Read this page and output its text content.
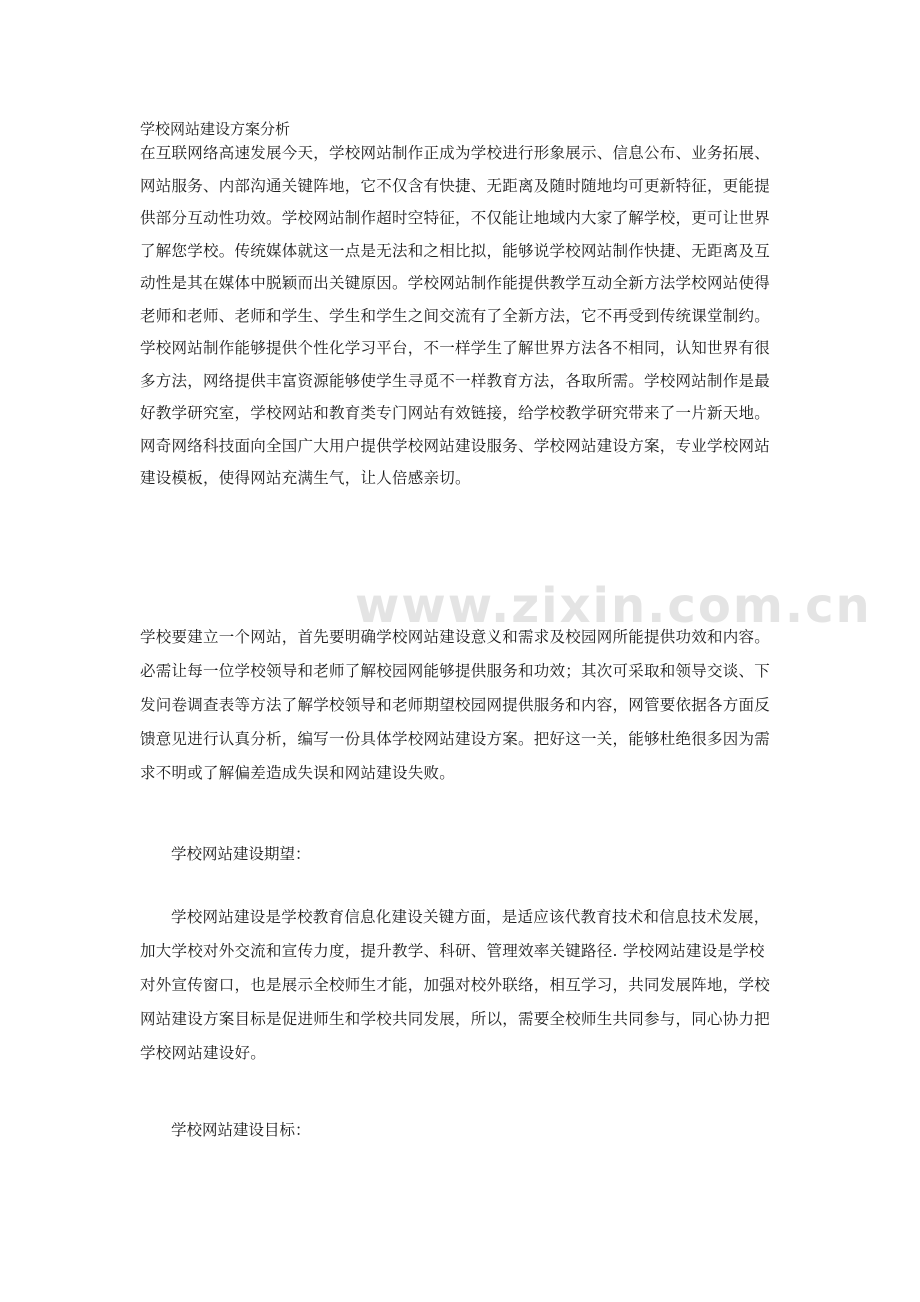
www.zixin.com.cn
学校网站建设方案分析
在互联网络高速发展今天，学校网站制作正成为学校进行形象展示、信息公布、业务拓展、
网站服务、内部沟通关键阵地，它不仅含有快捷、无距离及随时随地均可更新特征，更能提
供部分互动性功效。学校网站制作超时空特征，不仅能让地域内大家了解学校，更可让世界
了解您学校。传统媒体就这一点是无法和之相比拟，能够说学校网站制作快捷、无距离及互
动性是其在媒体中脱颖而出关键原因。学校网站制作能提供教学互动全新方法学校网站使得
老师和老师、老师和学生、学生和学生之间交流有了全新方法，它不再受到传统课堂制约。
学校网站制作能够提供个性化学习平台，不一样学生了解世界方法各不相同，认知世界有很
多方法，网络提供丰富资源能够使学生寻觅不一样教育方法，各取所需。学校网站制作是最
好教学研究室，学校网站和教育类专门网站有效链接，给学校教学研究带来了一片新天地。
网奇网络科技面向全国广大用户提供学校网站建设服务、学校网站建设方案，专业学校网站
建设模板，使得网站充满生气，让人倍感亲切。
学校要建立一个网站，首先要明确学校网站建设意义和需求及校园网所能提供功效和内容。
必需让每一位学校领导和老师了解校园网能够提供服务和功效；其次可采取和领导交谈、下
发问卷调查表等方法了解学校领导和老师期望校园网提供服务和内容，网管要依据各方面反
馈意见进行认真分析，编写一份具体学校网站建设方案。把好这一关，能够杜绝很多因为需
求不明或了解偏差造成失误和网站建设失败。
学校网站建设期望：
学校网站建设是学校教育信息化建设关键方面，是适应该代教育技术和信息技术发展，
加大学校对外交流和宣传力度，提升教学、科研、管理效率关键路径. 学校网站建设是学校
对外宣传窗口，也是展示全校师生才能，加强对校外联络，相互学习，共同发展阵地，学校
网站建设方案目标是促进师生和学校共同发展，所以，需要全校师生共同参与，同心协力把
学校网站建设好。
学校网站建设目标：
